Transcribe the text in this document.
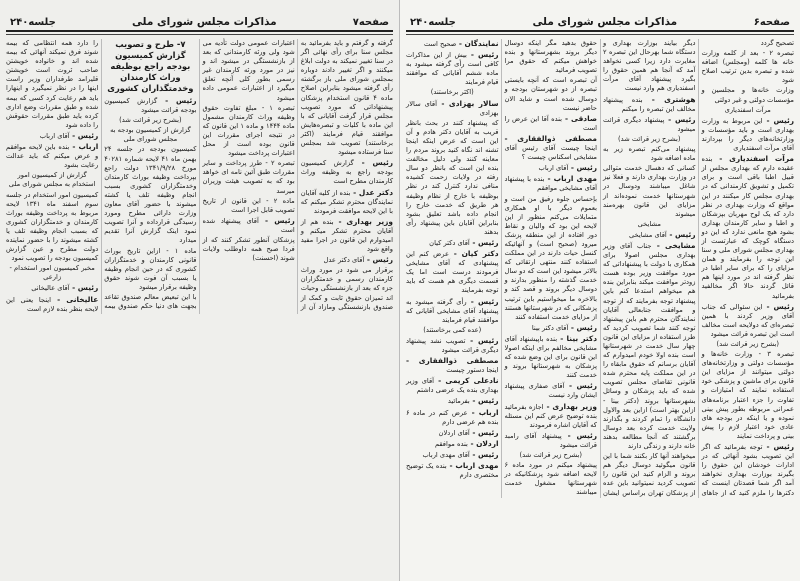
صفحه۶
مذاکرات مجلس شورای ملی
جلسه۲۴۰

تصحیح گردد

تبصره ۲ - بعد از کلمه وزارت خانه ها کلمه (ومجلس) اضافه شده و تبصره بدین ترتیب اصلاح شود

وزارت خانه‌ها و مجلسین و مؤسسات دولتی و غیر دولتی

مرآت اسفندیاری

رئیس - این مربوط به وزارت بهداری است و باید مؤسسات و وزارتخانه‌های دیگر را بپردازند آقای مرآت اسفندیاری

مرآت اسفندیاری - بنده عقیده دارم که بهداری مجلس از قبیل اطبا باقی است و برای تکمیل و تشویق کارمندانی که در بهداری مجلس کار میکنند در این مواقع که وزارت بهداری در نظر دارد که یک لوح مهربان بپزشکان و اطبا و سایر کارمندان بهداری بشود هیچ مانعی ندارد که این دو دستگاه کوچک که عبارتست از بهداری مجلس شورای ملی و سنا این توجه را بفرمایند و همان مزایای را که برای سایر اطبا در نظر گرفته اند در مورد اینها هم قائل گردند حالا اگر مخالفید بفرمائید

رئیس - این سئوالی که جناب آقای وزیر کردند با همین تبصره‌ای که دولایحه است مخالف است این تبصره قرائت میشود

(بشرح زیر قرائت شد)

تبصره ۳ - وزارت خانه‌ها و مؤسسات دولتی و وزارتخانه‌های دولتی میتوانند از مزایای این قانون برای ماشین و پزشکی خود استفاده نمایند که امتیازات و تفاوت را جزء اعتبار برنامه‌های عمرانی مربوطه بطور پیش بینی نموده و یا اینکه در بودجه های عادی خود اعتبار لازم را پیش بینی و پرداخت نمایند

رئیس - توجه بفرمائید که اگر این تصویب بشود آنهائی که در ادارات خودشان این حقوق را بگیرند بوزارت بهداری نخواهند آمد اگر شما قصدتان اینست که دکترها را ملزم کنید که از جاهای دیگر بیایند بوزارت بهداری و دستگاه شما بهرحال این تبصره ۲ مغایرت دارد زیرا کسی نخواهد آمد که آنجا هم همین حقوق را بگیرد پیشنهاد آقای مرآت اسفندیاری هم وارد نیست

هوشتری - بنده پیشنهاد مخالف این تبصره را میکنم

رئیس - پیشنهاد دیگری قرائت میشود

(بشرح زیر قرائت شد)

پیشنهاد می‌کنم تبصره زیر به ماده اضافه شود

کسانی که دهسال خدمت متوالی در وزارت بهداری دارند و فعلا نیز شاغل میباشند ودوسال در شهرستانها خدمت نموده‌اند از مزایای این قانون بهره‌مند میشوند

مشایخی

رئیس - آقای مشایخی

مشایخی - جناب آقای وزیر بهداری مجلس اصولا برای همکاری با دولت با پیشنهاداتی که مورد موافقت وزیر بوده هست زودتر موافقت میکند بنابراین بنده هم میخواهم استدعا کنم باین پیشنهاد توجه بفرمایند که از توجه و موافقت جنابعالی آقایان نمایندگان محترم هم باین پیشنهاد توجه کنند شما تصویب کردید که طرز استفاده از مزایای این قانون چهار سال خدمت در شهرستانها است بنده اولا خودم امیدوارم که آقایان برسانم که حقوق مابقاء را در این مملکت پایه محترم شده قانونی تقاضای مجلس تصویب شده که باید پزشکان و وسائل بشهرستانها بروند (دکتر بینا - ازاین بهتر است) ازاین بعد والاول دانشگاه را تمام کردند و بگذارند ولایت خدمت کرده بعد دوسال برگشتند که آنجا مطالعه بدهند خانه دارند و زندگی دارند

میخواهند آنها کار بکنند شما با این قانون میگوئید دوسال دیگر هم بروند و الزام کنید این قانون را تصویب کردید نمیتوانید باین عده از پزشکان تهران براساس ایشان حقوق بدهید مگر اینکه دوسال دیگر بروند بشهرستانها و بنده خواهش میکنم که حقوق مرا تصویب فرمائید

آن تبصره است که آنچه بایستی تبصره از دو شهرستان بودجه و دوسال شده است و شاید الان حاضر نیست

صادقی - بنده آقا این عرض را است

مصطفی ذوالفقاری - اینجا چیست آقای رئیس آقای مشایخی اسکناس چیست ؟

رئیس - آقای ارباب

مهدی ارباب - بنده با پیشنهاد آقای مشایخی موافقم

بإحساس جلوه رفیق من است و بعموم دیگر با او همکاری متمایلات می‌کنم منظور از این لایحه این بود که والیان و نقاط دور افتاده از این منطقه پزشک میرود (صحیح است) و آنهائیکه کنسل حیات دارند در این مملکت استفاده کنند منتهی ارتقائی که بالاتر میشود این است که دو سال خدمت گذشته را منظور بدارند و دوسال دیگر بروند و قصد کند و بالاخره ما میخواستیم باین ترتیب پزشکانی که در شهرستانها هستند از مزایای خدمت استفاده کنند

رئیس - آقای دکتر بینا

دکتر بینا - بنده باپیشنهاد آقای مشایخی مخالفم برای اینکه اصولا این قانون برای این وضع شده که پزشکان به شهرستانها بروند و خدمت کنند

رئیس - آقای صفاری پیشنهاد ایشان وارد نیست

وزیر بهداری - اجازه بفرمائید بنده توضیح عرض کنم این مسئله که آقایان اشاره فرمودند

رئیس - پیشنهاد آقای رامبد قرائت میشود

(بشرح زیر قرائت شد)

پیشنهاد میکنم در مورد ماده ۶ لایحه اضافه شود پزشکانیکه در شهرستانها مشغول خدمت میباشند

نمایندگان - صحیح است

رئیس - بیش از این مذاکرات کافی است رأی گرفته میشود به ماده ششم آقایانی که موافقند قیام فرمایند

(اکثر برخاستند)

سالار بهزادی - آقای سالار بهزادی

که پیشنهاد کنند در بحث بانظر قریب به آقایان دکتر هادم و آن این است که عرض اینکه اینجا تشنه اند نگاه کنید بروند مردم را معاینه کنند ولی دلیل مخالفت بنده این است که بانظر دو سال رفته در ولایات زحمت کشیده منافی ندارد کنترل کند در نظر بوظیفه با خارج از نظام وظیفه هر طریق که خدمت خارج را انجام داده باشد تعلیق بشود بنابراین آقایان باین پیشنهاد رأی بدهند

رئیس - آقای دکتر کیان

دکتر کیان - عرض کنم این پیشنهادی که آقای مشایخی فرمودند درست است اما یک قسمت دیگری هم هست که باید توجه بفرمایند

رئیس - رأی گرفته میشود به پیشنهاد آقای مشایخی آقایانی که موافقند قیام فرمایند

(عده کمی برخاستند)

رئیس - تصویب نشد پیشنهاد دیگری قرائت میشود

مصطفی ذوالفقاری - اینجا دستور چیست

نادعلی کریمی - آقای وزیر بهداری بنده یک عرضی داشتم

رئیس - بفرمائید

ارباب - عرض کنم در ماده ۶ بنده هم عرضی دارم

رئیس - آقای اردلان

اردلان - بنده موافقم

رئیس - آقای مهدی ارباب

مهدی ارباب - بنده یک توضیح مختصری دارم

صفحه۷
مذاکرات مجلس شورای ملی
جلسه۲۴۰

گرفته و گرفتم و باید بفرمائید به مجلس سنا برای رأی نهائی اگر در سنا تغییر نمیکند به دولت ابلاغ میکنند و اگر تغییر دادند دوباره بمجلس شورای ملی باز برگشته رأی گرفته میشود بنابراین اصلاح ماده ۴ قانون استخدام پزشکان پیشنهاداتی که مورد تصویب مجلس قرار گرفت آقایانی که با این ماده با کلیات و تبصره‌هایش موافقند قیام فرمایند (اکثر برخاستند) تصویب شد بمجلس سنا فرستاده میشود

رئیس - گزارش کمیسیون بودجه راجع به وظیفه وراث کارمندان مطرح است

دکتر عدل - بنده از کلیه آقایان نمایندگان محترم تشکر میکنم که با این لایحه موافقت فرمودند

وزیر بهداری - بنده هم از آقایان محترم تشکر میکنم و امیدوارم این قانون در اجرا مفید واقع شود

رئیس - آقای دکتر عدل

برقرار می شود در مورد وراث کارمندان رسمی و خدمتگزاران جزء که بعد از بازنشستگی وحیات اند تمیزان حقوق ثابت و کمک از صندوق بازنشستگی ومازاد آن از اعتبارات عمومی دولت تأدیه می شود ولی ورثه کارمندانی که بعد از بازنشستگی در میشود اند و نیز در مورد ورثه کارمندان غیر رسمی بطور کلی آنچه تعلق میگیرد از اعتبارات عمومی داده میشود

تبصره ۱ - مبلغ تفاوت حقوق وظیفه وراث کارمندان مشمول ماده ۱۴۴۴ و ماده ۱ این قانون که در نتیجه اجرای مقررات این قانون بوده است از محل اعتبارات پرداخت میشود

تبصره ۲ - طرز پرداخت و سایر مقررات طبق آئین نامه ای خواهد بود که به تصویب هیئت وزیران میرسد

ماده ۲ - این قانون از تاریخ تصویب قابل اجرا است

رئیس - آقای پیشنهاد شده است

پزشکان آنطور تشکر کنند که از فردا صبح همه داوطلب ولایات شوند (احسنت)

۷- طرح و تصویب گزارش کمیسیون بودجه راجع بوظیفه وراث کارمندان وخدمتگذاران کشوری

رئیس - گزارش کمیسیون بودجه قرائت میشود

(بشرح زیر قرائت شد)

گزارش از کمیسیون بودجه به مجلس شورای ملی

کمیسیون بودجه در جلسه ۲۴ بهمن ماه ۴۱ لایحه شماره ۴۰۲۸۱ مورخ ۱۳۴۱/۹/۲۸ دولت راجع بپرداخت وظیفه بوراث کارمندان وخدمتگزاران کشوری بسبب انجام وظیفه تلف یا کشته میشوند با حضور آقای معاون وزارت دارائی مطرح ومورد رسیدگی قرارداده و آنرا تصویب نمود اینک گزارش آنرا تقدیم میدارد

ماده ۱ - ازاین تاریخ بوراث قانونی کارمندان و خدمتگزاران کشوری که در حین انجام وظیفه یا بسبب آن فوت شوند حقوق وظیفه برقرار میشود

با این تبعیض معالم صندوق تقاعد بجهت های دنیا حکم صندوق بیمه را دارد همه انتظامی که بیمه شوند فرق نمیکند آنهائی که بیمه شده اند و خانواده خویشتن صاحب ثروت است خویشتن قلیرامد طرفداران وزیر راست اینها را در نظر نمیگیرد و اینهارا باید هم رعایت کرد کسی که بیمه شده و طبق مقررات وضع اداری کرده باید طبق مقررات حقوقش را داده شود

رئیس - آقای ارباب

ارباب - بنده باین لایحه موافقم و عرض میکنم که باید عدالت رعایت بشود

گزارش از کمیسیون امور استخدام به مجلس شورای ملی

کمیسیون امور استخدام در جلسه سوم اسفند ماه ۱۳۴۱ لایحه مربوط به پرداخت وظیفه بوراث کارمندان و خدمتگزاران کشوری که بسبب انجام وظیفه تلف یا کشته میشوند را با حضور نماینده دولت مطرح و عین گزارش کمیسیون بودجه را تصویب نمود

مخبر کمیسیون امور استخدام - زارعی

رئیس - آقای عالیخانی

عالیخانی - اینجا یعنی این لایحه بنظر بنده لازم است
